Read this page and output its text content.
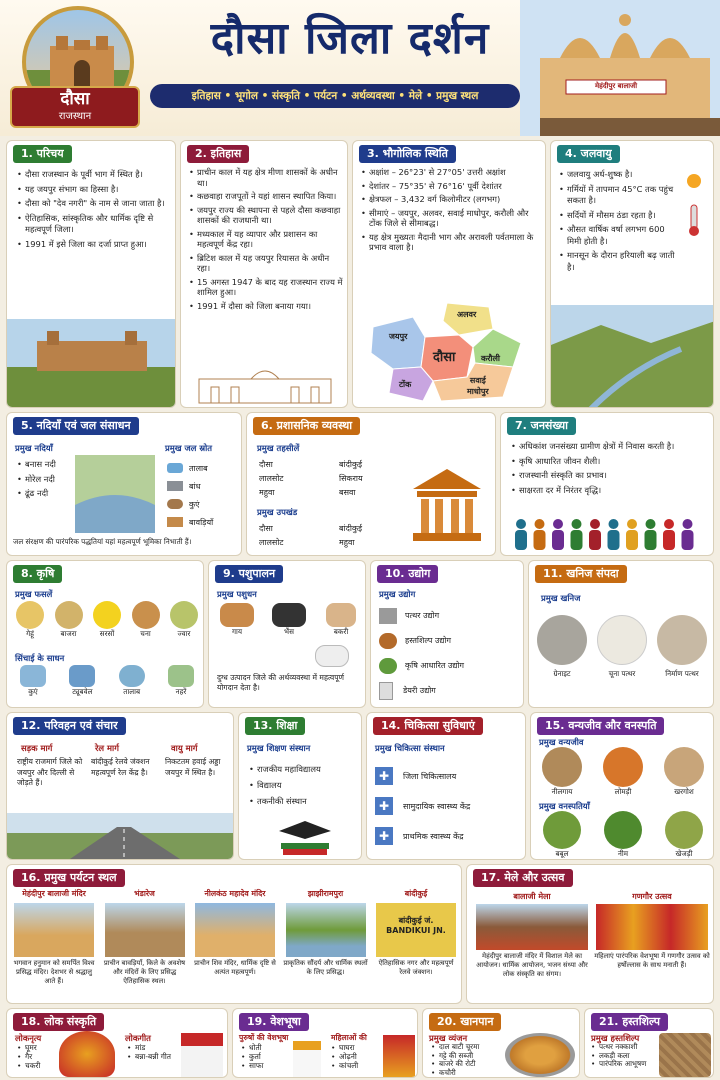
दौसा
राजस्थान
दौसा जिला दर्शन
इतिहास • भूगोल • संस्कृति • पर्यटन • अर्थव्यवस्था • मेले • प्रमुख स्थल
मेहंदीपुर बालाजी
1. परिचय
• दौसा राजस्थान के पूर्वी भाग में स्थित है।
• यह जयपुर संभाग का हिस्सा है।
• दौसा को "देव नगरी" के नाम से जाना जाता है।
• ऐतिहासिक, सांस्कृतिक और धार्मिक दृष्टि से महत्वपूर्ण जिला।
• 1991 में इसे जिला का दर्जा प्राप्त हुआ।
2. इतिहास
• प्राचीन काल में यह क्षेत्र मीणा शासकों के अधीन था।
• कछवाहा राजपूतों ने यहां शासन स्थापित किया।
• जयपुर राज्य की स्थापना से पहले दौसा कछवाहा शासकों की राजधानी था।
• मध्यकाल में यह व्यापार और प्रशासन का महत्वपूर्ण केंद्र रहा।
• ब्रिटिश काल में यह जयपुर रियासत के अधीन रहा।
• 15 अगस्त 1947 के बाद यह राजस्थान राज्य में शामिल हुआ।
• 1991 में दौसा को जिला बनाया गया।
3. भौगोलिक स्थिति
• अक्षांश – 26°23' से 27°05' उत्तरी अक्षांश
• देशांतर – 75°35' से 76°16' पूर्वी देशांतर
• क्षेत्रफल – 3,432 वर्ग किलोमीटर (लगभग)
• सीमाएं – जयपुर, अलवर, सवाई माधोपुर, करौली और टोंक जिले से सीमाबद्ध।
• यह क्षेत्र मुख्यतः मैदानी भाग और अरावली पर्वतमाला के प्रभाव वाला है।
जयपुर
अलवर
दौसा	करौली
टोंक	सवाई
माधोपुर
4. जलवायु
• जलवायु अर्ध-शुष्क है।
• गर्मियों में तापमान 45°C तक पहुंच सकता है।
• सर्दियों में मौसम ठंडा रहता है।
• औसत वार्षिक वर्षा लगभग 600 मिमी होती है।
• मानसून के दौरान हरियाली बढ़ जाती है।
5. नदियाँ एवं जल संसाधन
प्रमुख नदियाँ
• बनास नदी
• मोरेल नदी
• ढूंढ नदी
प्रमुख जल स्रोत
तालाब
बांध
कुएं
बावड़ियाँ
जल संरक्षण की पारंपरिक पद्धतियां यहां महत्वपूर्ण भूमिका निभाती हैं।
6. प्रशासनिक व्यवस्था
प्रमुख तहसीलें
दौसा	बांदीकुई
लालसोट	सिकराय
महुवा	बसवा
प्रमुख उपखंड
दौसा	बांदीकुई
लालसोट	महुवा
7. जनसंख्या
• अधिकांश जनसंख्या ग्रामीण क्षेत्रों में निवास करती है।
• कृषि आधारित जीवन शैली।
• राजस्थानी संस्कृति का प्रभाव।
• साक्षरता दर में निरंतर वृद्धि।
8. कृषि
प्रमुख फसलें
गेहूं	बाजरा	सरसों	चना	ज्वार
सिंचाई के साधन
कुएं	ट्यूबवेल	तालाब	नहरें
9. पशुपालन
प्रमुख पशुधन
गाय	भैंस	बकरी
दुग्ध उत्पादन जिले की अर्थव्यवस्था में महत्वपूर्ण योगदान देता है।
10. उद्योग
प्रमुख उद्योग
पत्थर उद्योग
हस्तशिल्प उद्योग
कृषि आधारित उद्योग
डेयरी उद्योग
11. खनिज संपदा
प्रमुख खनिज
ग्रेनाइट	चूना पत्थर	निर्माण पत्थर
12. परिवहन एवं संचार
सड़क मार्ग
राष्ट्रीय राजमार्ग जिले को जयपुर और दिल्ली से जोड़ते हैं।
रेल मार्ग
बांदीकुई रेलवे जंक्शन महत्वपूर्ण रेल केंद्र है।
वायु मार्ग
निकटतम हवाई अड्डा जयपुर में स्थित है।
13. शिक्षा
प्रमुख शिक्षण संस्थान
• राजकीय महाविद्यालय
• विद्यालय
• तकनीकी संस्थान
14. चिकित्सा सुविधाएं
प्रमुख चिकित्सा संस्थान
✚	जिला चिकित्सालय
✚	सामुदायिक स्वास्थ्य केंद्र
✚	प्राथमिक स्वास्थ्य केंद्र
15. वन्यजीव और वनस्पति
प्रमुख वन्यजीव
नीलगाय	लोमड़ी	खरगोश
प्रमुख वनस्पतियाँ
बबूल	नीम	खेजड़ी
16. प्रमुख पर्यटन स्थल
मेहंदीपुर बालाजी मंदिर
भगवान हनुमान को समर्पित विश्व प्रसिद्ध मंदिर। देशभर से श्रद्धालु आते हैं।
भंडारेज
प्राचीन बावड़ियाँ, किले के अवशेष और मंदिरों के लिए प्रसिद्ध ऐतिहासिक स्थल।
नीलकंठ महादेव मंदिर
प्राचीन शिव मंदिर, धार्मिक दृष्टि से अत्यंत महत्वपूर्ण।
झाझीरामपुरा
प्राकृतिक सौंदर्य और धार्मिक स्थलों के लिए प्रसिद्ध।
बांदीकुई
बांदीकुई जं.
BANDIKUI JN.
ऐतिहासिक नगर और महत्वपूर्ण रेलवे जंक्शन।
17. मेले और उत्सव
बालाजी मेला
मेहंदीपुर बालाजी मंदिर में विशाल मेले का आयोजन। धार्मिक आयोजन, भजन संध्या और लोक संस्कृति का संगम।
गणगौर उत्सव
महिलाएं पारंपरिक वेशभूषा में गणगौर उत्सव को हर्षोल्लास के साथ मनाती हैं।
18. लोक संस्कृति
लोकनृत्य
• घूमर
• गैर
• चकरी
लोकगीत
• मांड
• बन्ना-बन्नी गीत
19. वेशभूषा
पुरुषों की वेशभूषा
• धोती
• कुर्ता
• साफा
महिलाओं की
• घाघरा
• ओढ़नी
• कांचली
20. खानपान
प्रमुख व्यंजन
• दाल बाटी चूरमा
• गट्टे की सब्जी
• बाजरे की रोटी
• कचौरी
21. हस्तशिल्प
प्रमुख हस्तशिल्प
• पत्थर नक्काशी
• लकड़ी कला
• पारंपरिक आभूषण
